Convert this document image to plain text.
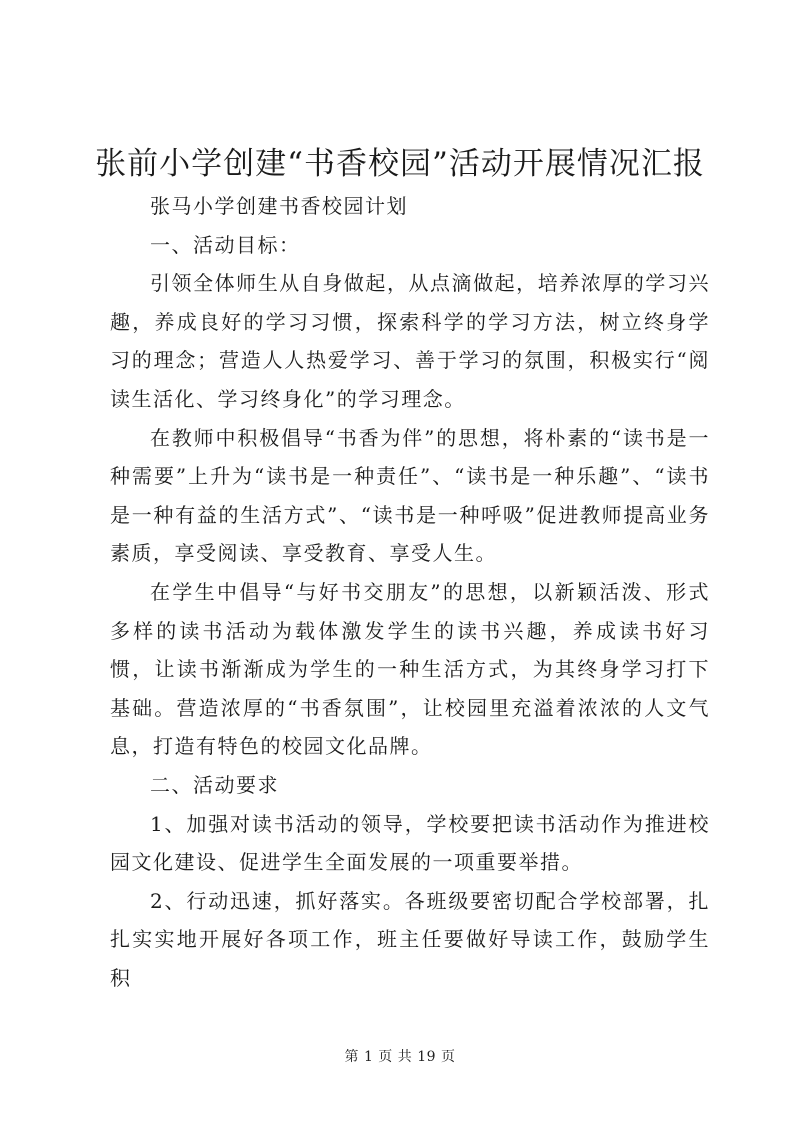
张前小学创建“书香校园”活动开展情况汇报

张马小学创建书香校园计划

一、活动目标：

引领全体师生从自身做起，从点滴做起，培养浓厚的学习兴趣，养成良好的学习习惯，探索科学的学习方法，树立终身学习的理念；营造人人热爱学习、善于学习的氛围，积极实行“阅读生活化、学习终身化”的学习理念。

在教师中积极倡导“书香为伴”的思想，将朴素的“读书是一种需要”上升为“读书是一种责任”、“读书是一种乐趣”、“读书是一种有益的生活方式”、“读书是一种呼吸”促进教师提高业务素质，享受阅读、享受教育、享受人生。

在学生中倡导“与好书交朋友”的思想，以新颖活泼、形式多样的读书活动为载体激发学生的读书兴趣，养成读书好习惯，让读书渐渐成为学生的一种生活方式，为其终身学习打下基础。营造浓厚的“书香氛围”，让校园里充溢着浓浓的人文气息，打造有特色的校园文化品牌。

二、活动要求

1、加强对读书活动的领导，学校要把读书活动作为推进校园文化建设、促进学生全面发展的一项重要举措。

2、行动迅速，抓好落实。各班级要密切配合学校部署，扎扎实实地开展好各项工作，班主任要做好导读工作，鼓励学生积

第 1 页 共 19 页
